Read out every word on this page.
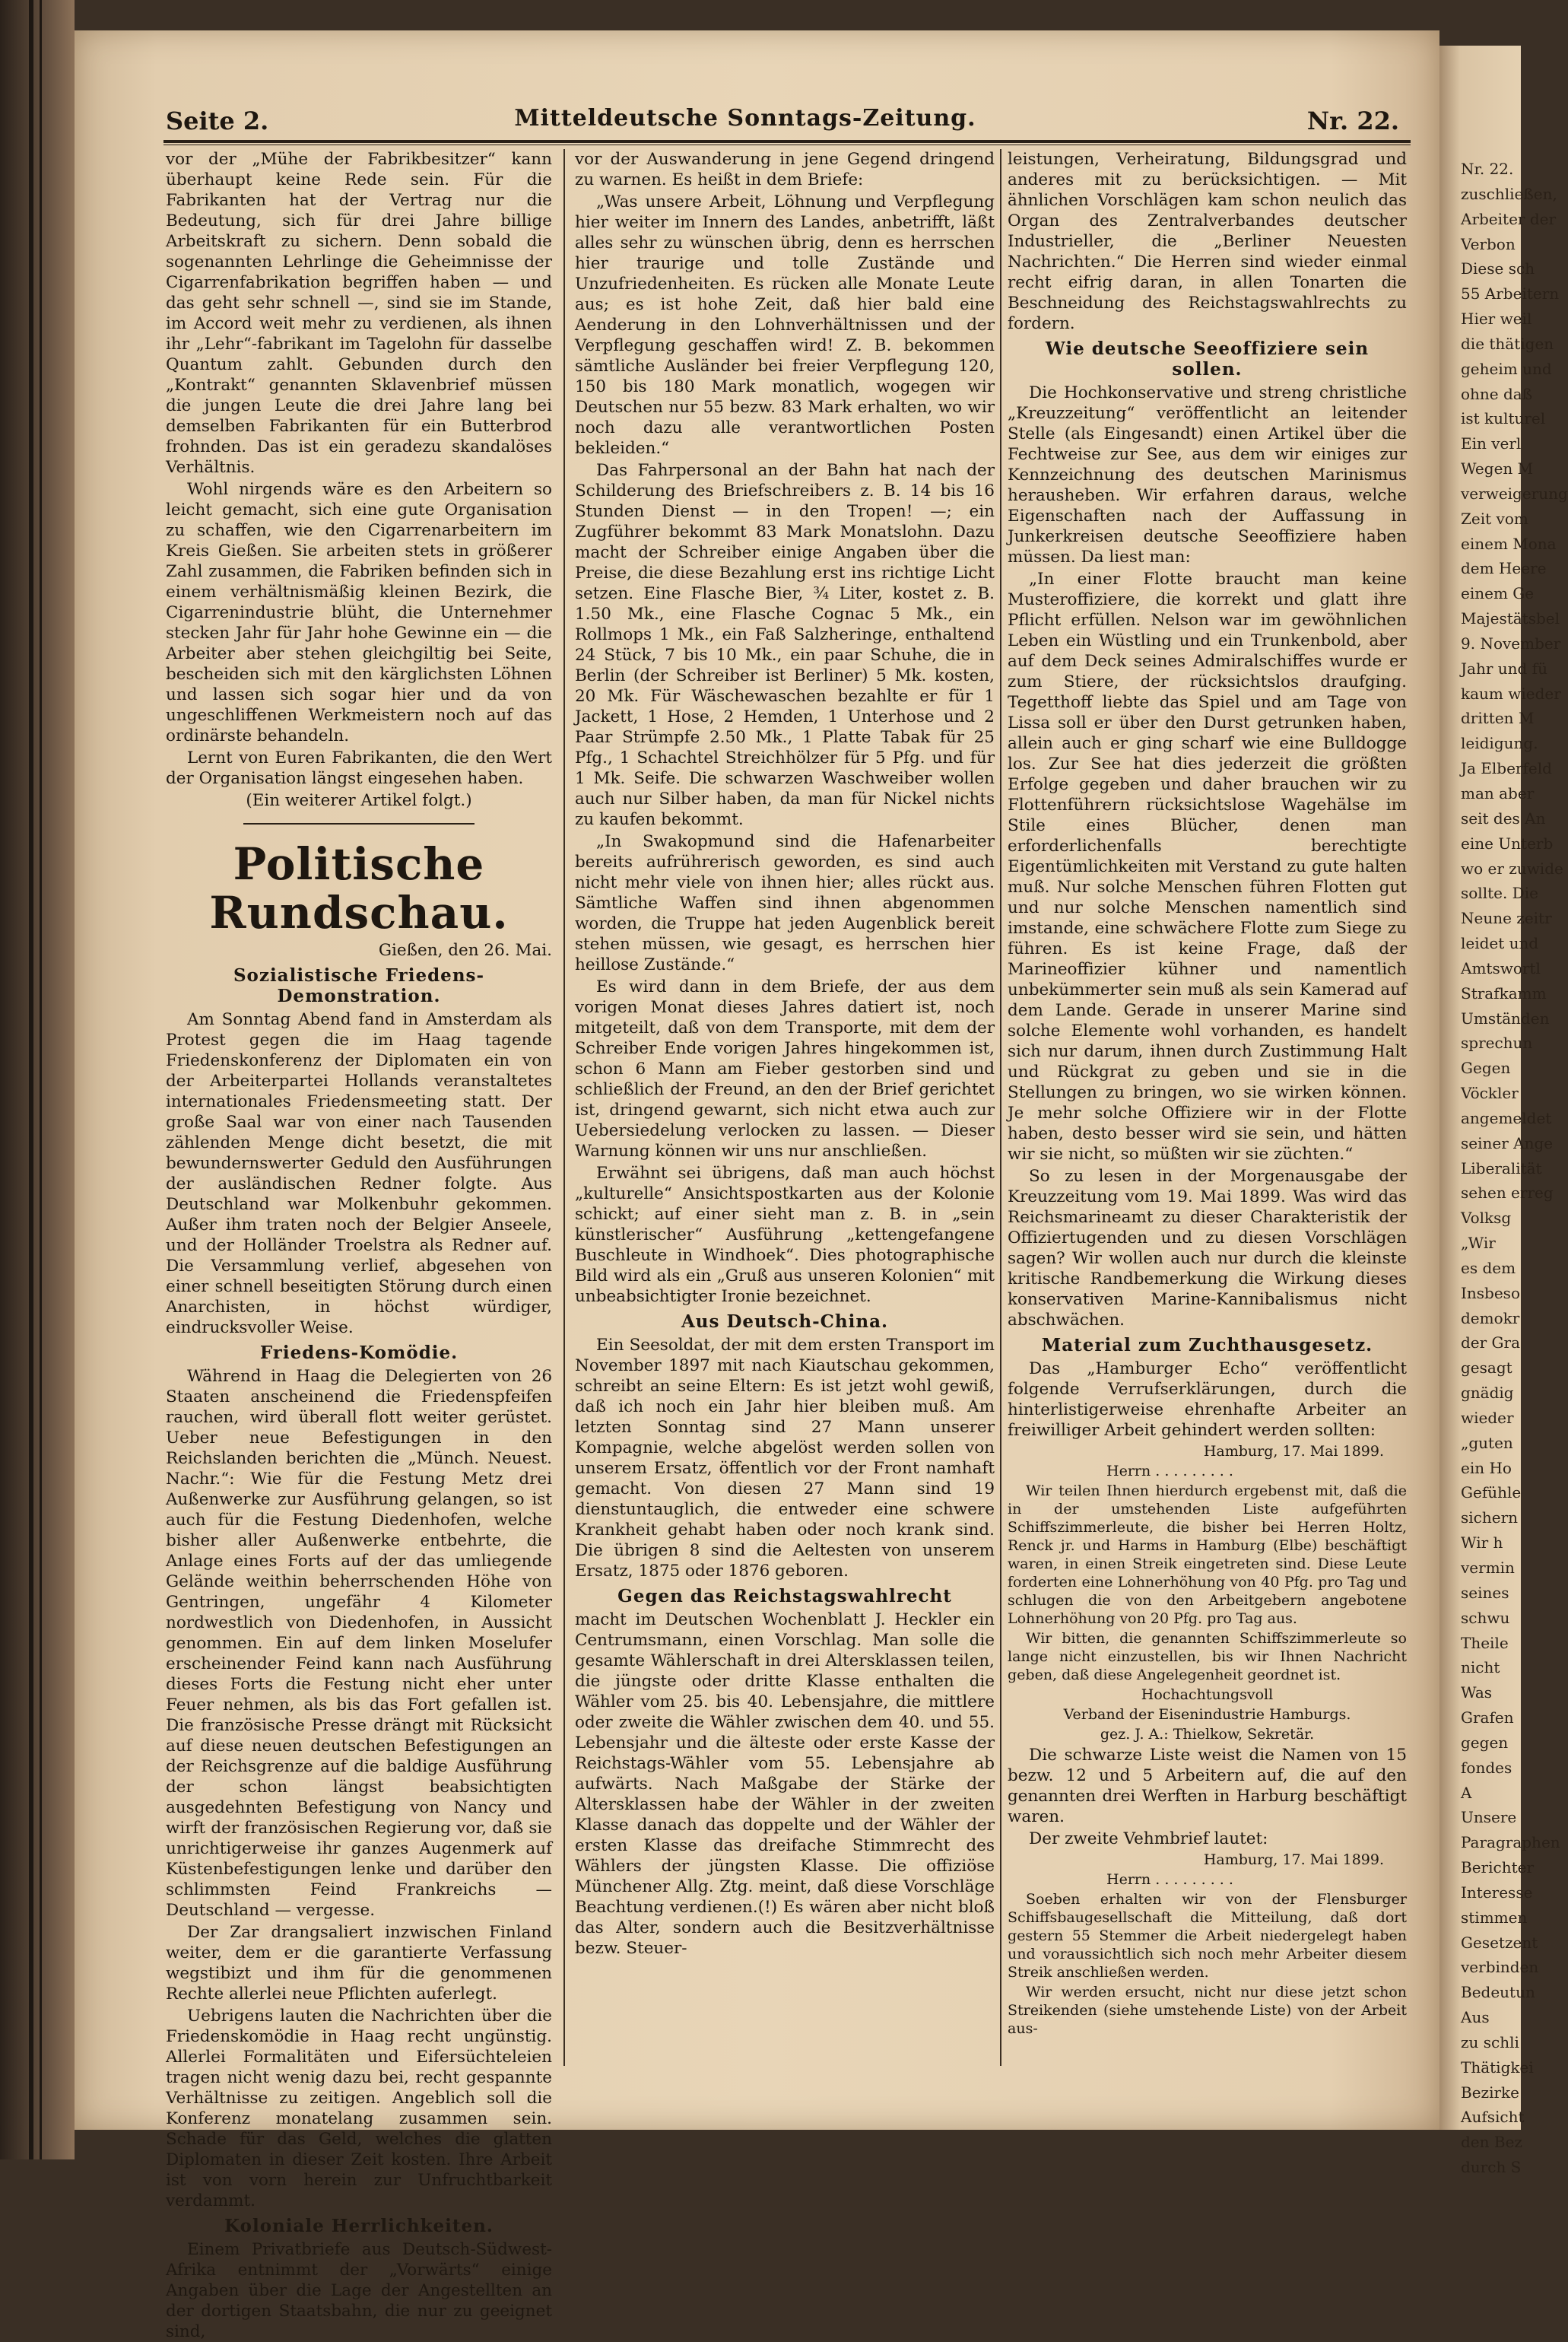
Nr. 22.
zuschließen,
Arbeiter der
Verbon
Diese sch
55 Arbeitern
Hier weil
die thätigen
geheim und
ohne daß
ist kulturel
Ein verl
Wegen M
verweigerung
Zeit vom
einem Mona
dem Heere
einem Ge
Majestätsbel
9. November
Jahr und fü
kaum wieder
dritten M
leidigung.
Ja Elberfeld
man aber
seit des An
eine Unterb
wo er zuwide
sollte. Die
Neune zeitr
leidet und
Amtswortl
Strafkamm
Umständen
sprechun
Gegen
Vöckler
angemeldet
seiner Ange
Liberalität
sehen erreg
Volksg
„Wir
es dem
Insbeso
demokr
der Gra
gesagt
gnädig
wieder
„guten
ein Ho
Gefühle
sichern
Wir h
vermin
seines
schwu
Theile
nicht
Was
Grafen
gegen
fondes
A
Unsere
Paragraphen
Berichter
Interesse
stimmen
Gesetzent
verbinden
Bedeutun
Aus
zu schli
Thätigkei
Bezirke
Aufsicht
den Bez
durch S
Seite 2.	Mitteldeutsche Sonntags-Zeitung.	Nr. 22.

vor der „Mühe der Fabrikbesitzer“ kann überhaupt keine Rede sein. Für die Fabrikanten hat der Vertrag nur die Bedeutung, sich für drei Jahre billige Arbeitskraft zu sichern. Denn sobald die sogenannten Lehrlinge die Geheimnisse der Cigarrenfabrikation begriffen haben — und das geht sehr schnell —, sind sie im Stande, im Accord weit mehr zu verdienen, als ihnen ihr „Lehr“-fabrikant im Tagelohn für dasselbe Quantum zahlt. Gebunden durch den „Kontrakt“ genannten Sklavenbrief müssen die jungen Leute die drei Jahre lang bei demselben Fabrikanten für ein Butterbrod frohnden. Das ist ein geradezu skandalöses Verhältnis.

Wohl nirgends wäre es den Arbeitern so leicht gemacht, sich eine gute Organisation zu schaffen, wie den Cigarrenarbeitern im Kreis Gießen. Sie arbeiten stets in größerer Zahl zusammen, die Fabriken befinden sich in einem verhältnismäßig kleinen Bezirk, die Cigarrenindustrie blüht, die Unternehmer stecken Jahr für Jahr hohe Gewinne ein — die Arbeiter aber stehen gleichgiltig bei Seite, bescheiden sich mit den kärglichsten Löhnen und lassen sich sogar hier und da von ungeschliffenen Werkmeistern noch auf das ordinärste behandeln.

Lernt von Euren Fabrikanten, die den Wert der Organisation längst eingesehen haben.

(Ein weiterer Artikel folgt.)

Politische Rundschau.

Gießen, den 26. Mai.

Sozialistische Friedens-Demonstration.

Am Sonntag Abend fand in Amsterdam als Protest gegen die im Haag tagende Friedenskonferenz der Diplomaten ein von der Arbeiterpartei Hollands veranstaltetes internationales Friedensmeeting statt. Der große Saal war von einer nach Tausenden zählenden Menge dicht besetzt, die mit bewundernswerter Geduld den Ausführungen der ausländischen Redner folgte. Aus Deutschland war Molkenbuhr gekommen. Außer ihm traten noch der Belgier Anseele, und der Holländer Troelstra als Redner auf. Die Versammlung verlief, abgesehen von einer schnell beseitigten Störung durch einen Anarchisten, in höchst würdiger, eindrucksvoller Weise.

Friedens-Komödie.

Während in Haag die Delegierten von 26 Staaten anscheinend die Friedenspfeifen rauchen, wird überall flott weiter gerüstet. Ueber neue Befestigungen in den Reichslanden berichten die „Münch. Neuest. Nachr.“: Wie für die Festung Metz drei Außenwerke zur Ausführung gelangen, so ist auch für die Festung Diedenhofen, welche bisher aller Außenwerke entbehrte, die Anlage eines Forts auf der das umliegende Gelände weithin beherrschenden Höhe von Gentringen, ungefähr 4 Kilometer nordwestlich von Diedenhofen, in Aussicht genommen. Ein auf dem linken Moselufer erscheinender Feind kann nach Ausführung dieses Forts die Festung nicht eher unter Feuer nehmen, als bis das Fort gefallen ist. Die französische Presse drängt mit Rücksicht auf diese neuen deutschen Befestigungen an der Reichsgrenze auf die baldige Ausführung der schon längst beabsichtigten ausgedehnten Befestigung von Nancy und wirft der französischen Regierung vor, daß sie unrichtigerweise ihr ganzes Augenmerk auf Küstenbefestigungen lenke und darüber den schlimmsten Feind Frankreichs — Deutschland — vergesse.

Der Zar drangsaliert inzwischen Finland weiter, dem er die garantierte Verfassung wegstibizt und ihm für die genommenen Rechte allerlei neue Pflichten auferlegt.

Uebrigens lauten die Nachrichten über die Friedenskomödie in Haag recht ungünstig. Allerlei Formalitäten und Eifersüchteleien tragen nicht wenig dazu bei, recht gespannte Verhältnisse zu zeitigen. Angeblich soll die Konferenz monatelang zusammen sein. Schade für das Geld, welches die glatten Diplomaten in dieser Zeit kosten. Ihre Arbeit ist von vorn herein zur Unfruchtbarkeit verdammt.

Koloniale Herrlichkeiten.

Einem Privatbriefe aus Deutsch-Südwest-Afrika entnimmt der „Vorwärts“ einige Angaben über die Lage der Angestellten an der dortigen Staatsbahn, die nur zu geeignet sind,

vor der Auswanderung in jene Gegend dringend zu warnen. Es heißt in dem Briefe:

„Was unsere Arbeit, Löhnung und Verpflegung hier weiter im Innern des Landes, anbetrifft, läßt alles sehr zu wünschen übrig, denn es herrschen hier traurige und tolle Zustände und Unzufriedenheiten. Es rücken alle Monate Leute aus; es ist hohe Zeit, daß hier bald eine Aenderung in den Lohnverhältnissen und der Verpflegung geschaffen wird! Z. B. bekommen sämtliche Ausländer bei freier Verpflegung 120, 150 bis 180 Mark monatlich, wogegen wir Deutschen nur 55 bezw. 83 Mark erhalten, wo wir noch dazu alle verantwortlichen Posten bekleiden.“

Das Fahrpersonal an der Bahn hat nach der Schilderung des Briefschreibers z. B. 14 bis 16 Stunden Dienst — in den Tropen! —; ein Zugführer bekommt 83 Mark Monatslohn. Dazu macht der Schreiber einige Angaben über die Preise, die diese Bezahlung erst ins richtige Licht setzen. Eine Flasche Bier, ¾ Liter, kostet z. B. 1.50 Mk., eine Flasche Cognac 5 Mk., ein Rollmops 1 Mk., ein Faß Salzheringe, enthaltend 24 Stück, 7 bis 10 Mk., ein paar Schuhe, die in Berlin (der Schreiber ist Berliner) 5 Mk. kosten, 20 Mk. Für Wäschewaschen bezahlte er für 1 Jackett, 1 Hose, 2 Hemden, 1 Unterhose und 2 Paar Strümpfe 2.50 Mk., 1 Platte Tabak für 25 Pfg., 1 Schachtel Streichhölzer für 5 Pfg. und für 1 Mk. Seife. Die schwarzen Waschweiber wollen auch nur Silber haben, da man für Nickel nichts zu kaufen bekommt.

„In Swakopmund sind die Hafenarbeiter bereits aufrührerisch geworden, es sind auch nicht mehr viele von ihnen hier; alles rückt aus. Sämtliche Waffen sind ihnen abgenommen worden, die Truppe hat jeden Augenblick bereit stehen müssen, wie gesagt, es herrschen hier heillose Zustände.“

Es wird dann in dem Briefe, der aus dem vorigen Monat dieses Jahres datiert ist, noch mitgeteilt, daß von dem Transporte, mit dem der Schreiber Ende vorigen Jahres hingekommen ist, schon 6 Mann am Fieber gestorben sind und schließlich der Freund, an den der Brief gerichtet ist, dringend gewarnt, sich nicht etwa auch zur Uebersiedelung verlocken zu lassen. — Dieser Warnung können wir uns nur anschließen.

Erwähnt sei übrigens, daß man auch höchst „kulturelle“ Ansichtspostkarten aus der Kolonie schickt; auf einer sieht man z. B. in „sein künstlerischer“ Ausführung „kettengefangene Buschleute in Windhoek“. Dies photographische Bild wird als ein „Gruß aus unseren Kolonien“ mit unbeabsichtigter Ironie bezeichnet.

Aus Deutsch-China.

Ein Seesoldat, der mit dem ersten Transport im November 1897 mit nach Kiautschau gekommen, schreibt an seine Eltern: Es ist jetzt wohl gewiß, daß ich noch ein Jahr hier bleiben muß. Am letzten Sonntag sind 27 Mann unserer Kompagnie, welche abgelöst werden sollen von unserem Ersatz, öffentlich vor der Front namhaft gemacht. Von diesen 27 Mann sind 19 dienstuntauglich, die entweder eine schwere Krankheit gehabt haben oder noch krank sind. Die übrigen 8 sind die Aeltesten von unserem Ersatz, 1875 oder 1876 geboren.

Gegen das Reichstagswahlrecht

macht im Deutschen Wochenblatt J. Heckler ein Centrumsmann, einen Vorschlag. Man solle die gesamte Wählerschaft in drei Altersklassen teilen, die jüngste oder dritte Klasse enthalten die Wähler vom 25. bis 40. Lebensjahre, die mittlere oder zweite die Wähler zwischen dem 40. und 55. Lebensjahr und die älteste oder erste Kasse der Reichstags-Wähler vom 55. Lebensjahre ab aufwärts. Nach Maßgabe der Stärke der Altersklassen habe der Wähler in der zweiten Klasse danach das doppelte und der Wähler der ersten Klasse das dreifache Stimmrecht des Wählers der jüngsten Klasse. Die offiziöse Münchener Allg. Ztg. meint, daß diese Vorschläge Beachtung verdienen.(!) Es wären aber nicht bloß das Alter, sondern auch die Besitzverhältnisse bezw. Steuer-

leistungen, Verheiratung, Bildungsgrad und anderes mit zu berücksichtigen. — Mit ähnlichen Vorschlägen kam schon neulich das Organ des Zentralverbandes deutscher Industrieller, die „Berliner Neuesten Nachrichten.“ Die Herren sind wieder einmal recht eifrig daran, in allen Tonarten die Beschneidung des Reichstagswahlrechts zu fordern.

Wie deutsche Seeoffiziere sein sollen.

Die Hochkonservative und streng christliche „Kreuzzeitung“ veröffentlicht an leitender Stelle (als Eingesandt) einen Artikel über die Fechtweise zur See, aus dem wir einiges zur Kennzeichnung des deutschen Marinismus herausheben. Wir erfahren daraus, welche Eigenschaften nach der Auffassung in Junkerkreisen deutsche Seeoffiziere haben müssen. Da liest man:

„In einer Flotte braucht man keine Musteroffiziere, die korrekt und glatt ihre Pflicht erfüllen. Nelson war im gewöhnlichen Leben ein Wüstling und ein Trunkenbold, aber auf dem Deck seines Admiralschiffes wurde er zum Stiere, der rücksichtslos draufging. Tegetthoff liebte das Spiel und am Tage von Lissa soll er über den Durst getrunken haben, allein auch er ging scharf wie eine Bulldogge los. Zur See hat dies jederzeit die größten Erfolge gegeben und daher brauchen wir zu Flottenführern rücksichtslose Wagehälse im Stile eines Blücher, denen man erforderlichenfalls berechtigte Eigentümlichkeiten mit Verstand zu gute halten muß. Nur solche Menschen führen Flotten gut und nur solche Menschen namentlich sind imstande, eine schwächere Flotte zum Siege zu führen. Es ist keine Frage, daß der Marineoffizier kühner und namentlich unbekümmerter sein muß als sein Kamerad auf dem Lande. Gerade in unserer Marine sind solche Elemente wohl vorhanden, es handelt sich nur darum, ihnen durch Zustimmung Halt und Rückgrat zu geben und sie in die Stellungen zu bringen, wo sie wirken können. Je mehr solche Offiziere wir in der Flotte haben, desto besser wird sie sein, und hätten wir sie nicht, so müßten wir sie züchten.“

So zu lesen in der Morgenausgabe der Kreuzzeitung vom 19. Mai 1899. Was wird das Reichsmarineamt zu dieser Charakteristik der Offiziertugenden und zu diesen Vorschlägen sagen? Wir wollen auch nur durch die kleinste kritische Randbemerkung die Wirkung dieses konservativen Marine-Kannibalismus nicht abschwächen.

Material zum Zuchthausgesetz.

Das „Hamburger Echo“ veröffentlicht folgende Verrufserklärungen, durch die hinterlistigerweise ehrenhafte Arbeiter an freiwilliger Arbeit gehindert werden sollten:

Hamburg, 17. Mai 1899.

Herrn . . . . . . . . .

Wir teilen Ihnen hierdurch ergebenst mit, daß die in der umstehenden Liste aufgeführten Schiffszimmerleute, die bisher bei Herren Holtz, Renck jr. und Harms in Hamburg (Elbe) beschäftigt waren, in einen Streik eingetreten sind. Diese Leute forderten eine Lohnerhöhung von 40 Pfg. pro Tag und schlugen die von den Arbeitgebern angebotene Lohnerhöhung von 20 Pfg. pro Tag aus.

Wir bitten, die genannten Schiffszimmerleute so lange nicht einzustellen, bis wir Ihnen Nachricht geben, daß diese Angelegenheit geordnet ist.

Hochachtungsvoll

Verband der Eisenindustrie Hamburgs.

gez. J. A.: Thielkow, Sekretär.

Die schwarze Liste weist die Namen von 15 bezw. 12 und 5 Arbeitern auf, die auf den genannten drei Werften in Harburg beschäftigt waren.

Der zweite Vehmbrief lautet:

Hamburg, 17. Mai 1899.

Herrn . . . . . . . . .

Soeben erhalten wir von der Flensburger Schiffsbaugesellschaft die Mitteilung, daß dort gestern 55 Stemmer die Arbeit niedergelegt haben und voraussichtlich sich noch mehr Arbeiter diesem Streik anschließen werden.

Wir werden ersucht, nicht nur diese jetzt schon Streikenden (siehe umstehende Liste) von der Arbeit aus-
